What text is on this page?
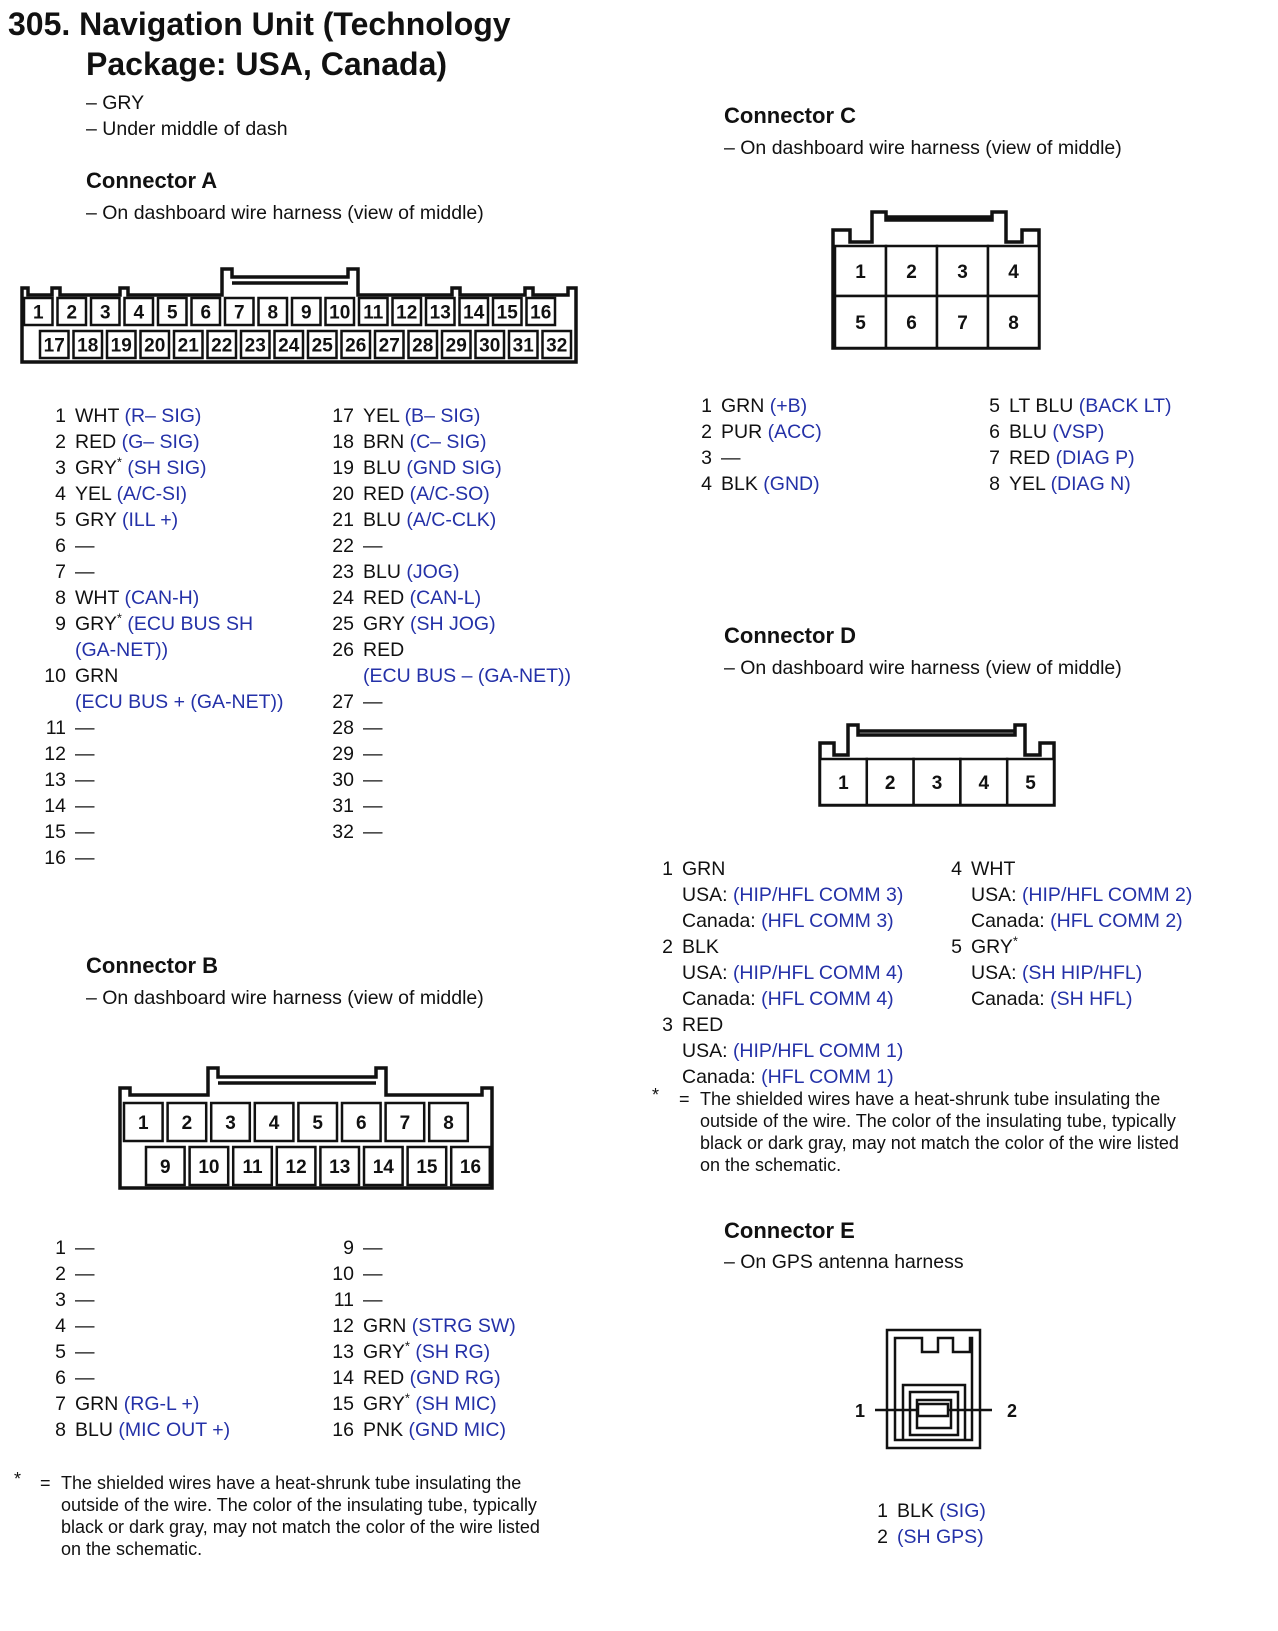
305. Navigation Unit (Technology
Package: USA, Canada)
– GRY
– Under middle of dash
Connector A
– On dashboard wire harness (view of middle)
1 2 3 4 5 6 7 8 9 10 11 12 13 14 15 16
17 18 19 20 21 22 23 24 25 26 27 28 29 30 31 32
1 WHT (R– SIG)
2 RED (G– SIG)
3 GRY* (SH SIG)
4 YEL (A/C-SI)
5 GRY (ILL +)
6 —
7 —
8 WHT (CAN-H)
9 GRY* (ECU BUS SH
(GA-NET))
10 GRN
(ECU BUS + (GA-NET))
11 —
12 —
13 —
14 —
15 —
16 —
17 YEL (B– SIG)
18 BRN (C– SIG)
19 BLU (GND SIG)
20 RED (A/C-SO)
21 BLU (A/C-CLK)
22 —
23 BLU (JOG)
24 RED (CAN-L)
25 GRY (SH JOG)
26 RED
(ECU BUS – (GA-NET))
27 —
28 —
29 —
30 —
31 —
32 —
Connector B
– On dashboard wire harness (view of middle)
1 2 3 4 5 6 7 8
9 10 11 12 13 14 15 16
1 —
2 —
3 —
4 —
5 —
6 —
7 GRN (RG-L +)
8 BLU (MIC OUT +)
9 —
10 —
11 —
12 GRN (STRG SW)
13 GRY* (SH RG)
14 RED (GND RG)
15 GRY* (SH MIC)
16 PNK (GND MIC)
* = The shielded wires have a heat-shrunk tube insulating the
outside of the wire. The color of the insulating tube, typically
black or dark gray, may not match the color of the wire listed
on the schematic.
Connector C
– On dashboard wire harness (view of middle)
1 2 3 4
5 6 7 8
1 GRN (+B)
2 PUR (ACC)
3 —
4 BLK (GND)
5 LT BLU (BACK LT)
6 BLU (VSP)
7 RED (DIAG P)
8 YEL (DIAG N)
Connector D
– On dashboard wire harness (view of middle)
1 2 3 4 5
1 GRN
USA: (HIP/HFL COMM 3)
Canada: (HFL COMM 3)
2 BLK
USA: (HIP/HFL COMM 4)
Canada: (HFL COMM 4)
3 RED
USA: (HIP/HFL COMM 1)
Canada: (HFL COMM 1)
4 WHT
USA: (HIP/HFL COMM 2)
Canada: (HFL COMM 2)
5 GRY*
USA: (SH HIP/HFL)
Canada: (SH HFL)
* = The shielded wires have a heat-shrunk tube insulating the
outside of the wire. The color of the insulating tube, typically
black or dark gray, may not match the color of the wire listed
on the schematic.
Connector E
– On GPS antenna harness
1	2
1 BLK (SIG)
2 (SH GPS)
